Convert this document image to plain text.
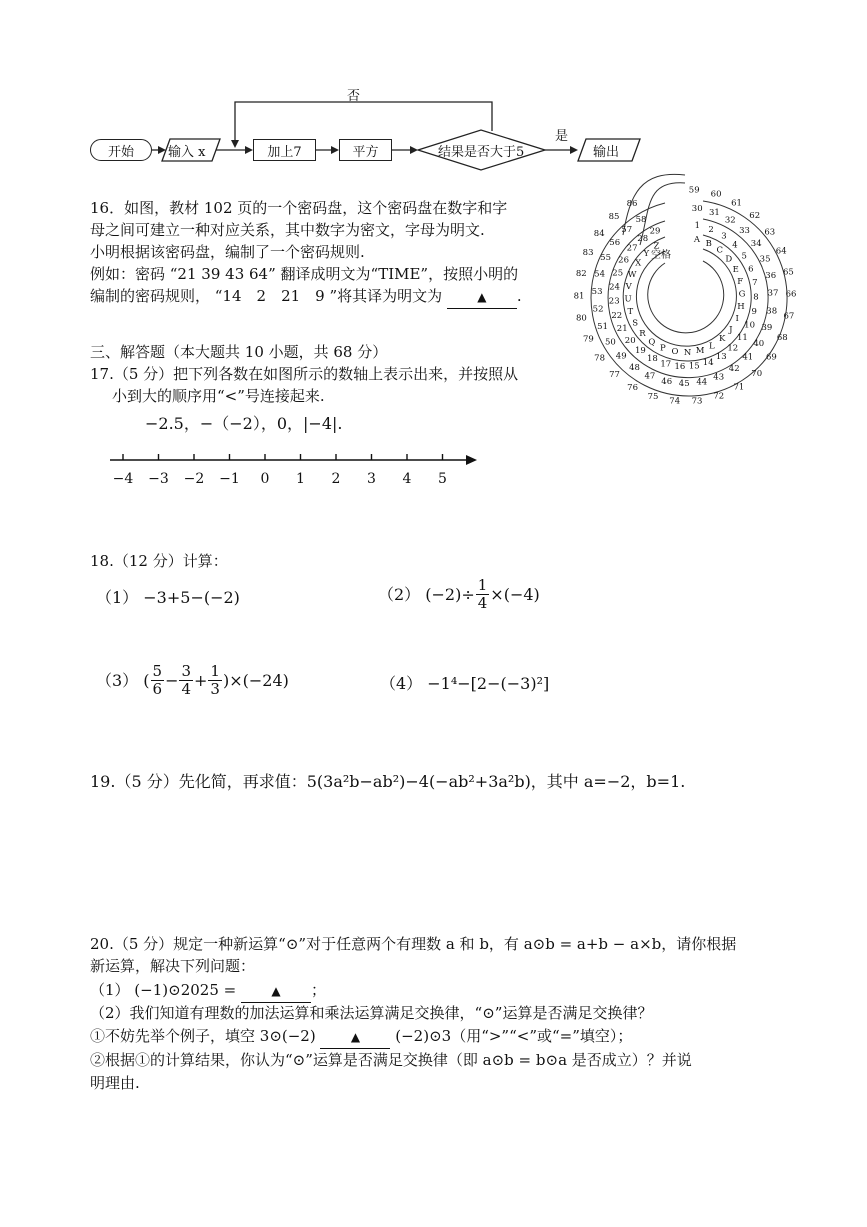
否
是
开始	输入 x	加上7	平方	结果是否大于5	输出
16．如图，教材 102 页的一个密码盘，这个密码盘在数字和字
母之间可建立一种对应关系，其中数字为密文，字母为明文.
小明根据该密码盘，编制了一个密码规则.
例如：密码 “21 39 43 64” 翻译成明文为“TIME”，按照小明的
编制的密码规则， “14　2　21　9 ”将其译为明文为	▲ .
59 60
61
62
63
64
65
66
67
68
69
70
71
72
73
74
75
76
77
78
79
80
81
82
83
84
85
86	30 31
32
33
34
35
36
37
38
39
40
41
42
43
44
45
46
47
48
49
50
51
52
53
54
55
56
57
58
1 2
3
4
5
6
7
8
9
10
11
12
13
14
15
16
17
18
19
20
21
22
23
24
25
26
27
28
29
A B
C
D
E
F
G
H
I
J
K
L
M
N
O
P
Q
R
S
T
U
V
W
X
Y
Z
空格
三、解答题（本大题共 10 小题，共 68 分）
17.（5 分）把下列各数在如图所示的数轴上表示出来，并按照从
小到大的顺序用“<”号连接起来.
−2.5，−（−2），0，|−4|.
−4 −3 −2 −1 0 1 2 3 4 5
18.（12 分）计算：
（1） −3+5−(−2)	（2） $(-2)\div \frac{1}{4} \times(-4)$
（3） ( $\frac{5}{6} - \frac{3}{4} + \frac{1}{3} )\times(-24)$	（4） −1⁴−[2−(−3)²]
19.（5 分）先化简，再求值：5(3a²b−ab²)−4(−ab²+3a²b)，其中 a=−2，b=1.
20.（5 分）规定一种新运算“⊙”对于任意两个有理数 a 和 b，有 a⊙b = a+b − a×b，请你根据
新运算，解决下列问题：
（1） (−1)⊙2025 =	▲ ；
（2）我们知道有理数的加法运算和乘法运算满足交换律，“⊙”运算是否满足交换律？
①不妨先举个例子，填空 3⊙(−2)	▲ (−2)⊙3（用“>”“<”或“=”填空）；
②根据①的计算结果，你认为“⊙”运算是否满足交换律（即 a⊙b = b⊙a 是否成立）？并说
明理由.
